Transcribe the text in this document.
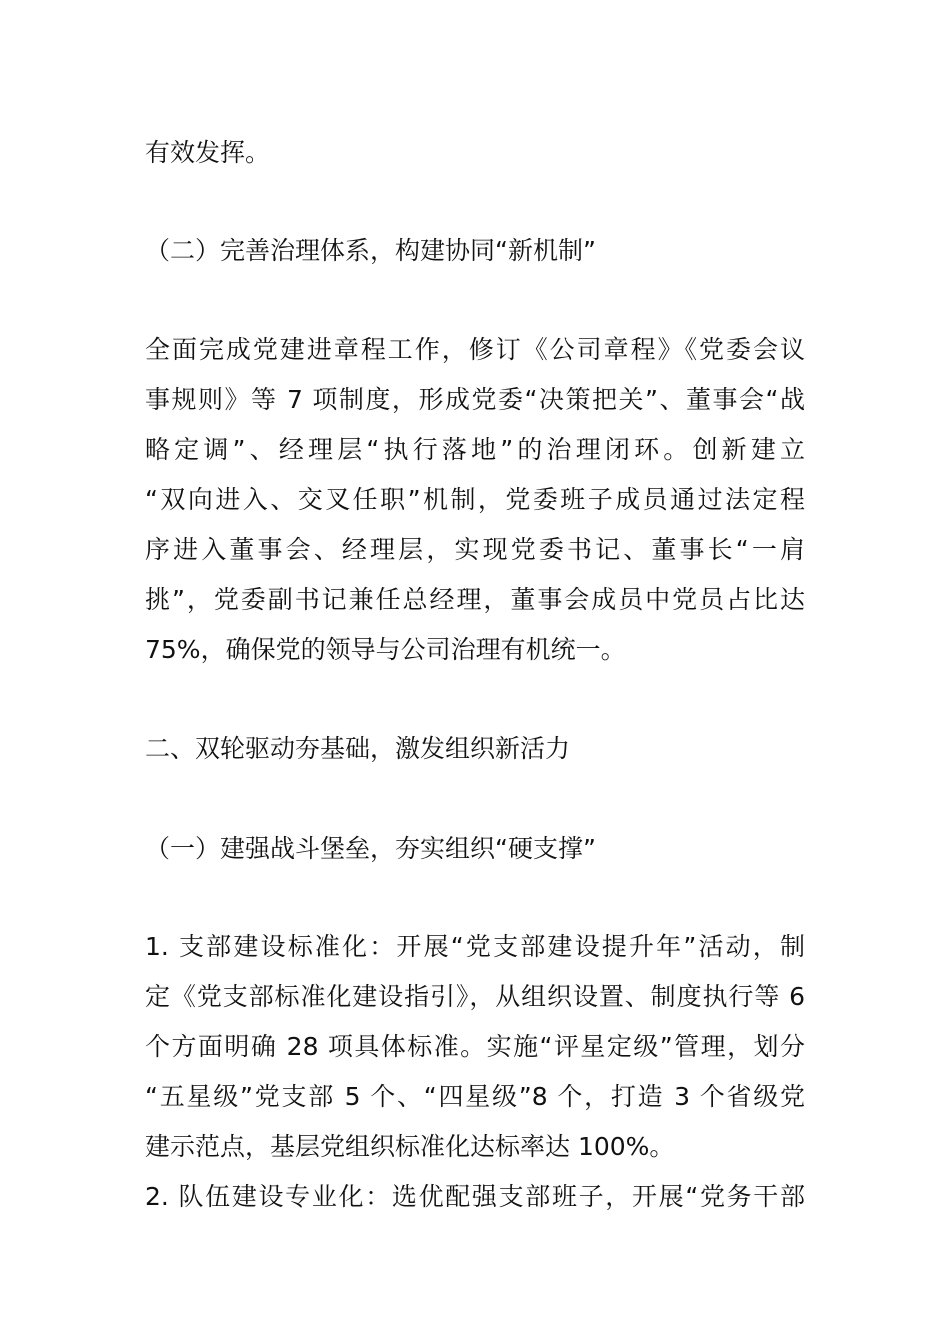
有效发挥。
（二）完善治理体系，构建协同“新机制”
全面完成党建进章程工作，修订《公司章程》《党委会议
事规则》等 7 项制度，形成党委“决策把关”、董事会“战
略定调”、经理层“执行落地”的治理闭环。创新建立
“双向进入、交叉任职”机制，党委班子成员通过法定程
序进入董事会、经理层，实现党委书记、董事长“一肩
挑”，党委副书记兼任总经理，董事会成员中党员占比达
75%，确保党的领导与公司治理有机统一。
二、双轮驱动夯基础，激发组织新活力
（一）建强战斗堡垒，夯实组织“硬支撑”
1. 支部建设标准化：开展“党支部建设提升年”活动，制
定《党支部标准化建设指引》，从组织设置、制度执行等 6
个方面明确 28 项具体标准。实施“评星定级”管理，划分
“五星级”党支部 5 个、“四星级”8 个，打造 3 个省级党
建示范点，基层党组织标准化达标率达 100%。
2. 队伍建设专业化：选优配强支部班子，开展“党务干部
